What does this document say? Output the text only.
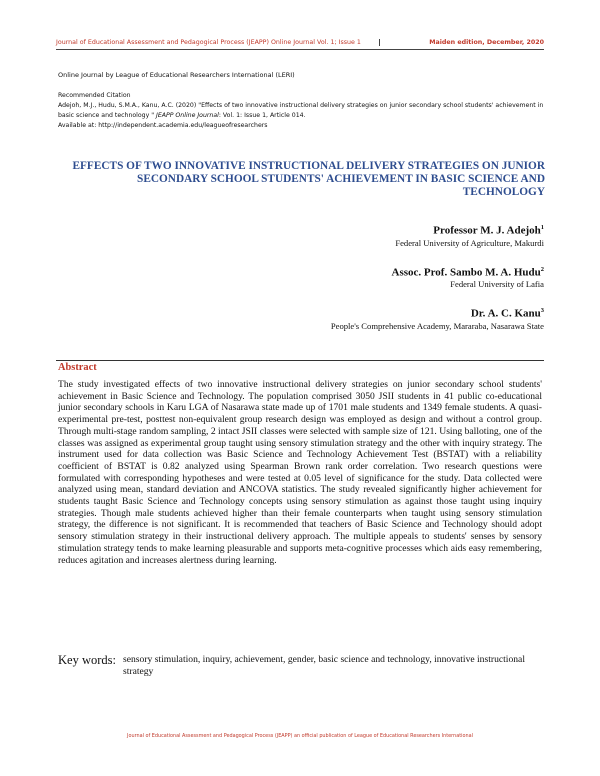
Journal of Educational Assessment and Pedagogical Process (JEAPP) Online Journal Vol. 1; Issue 1	Maiden edition, December, 2020
Online Journal by League of Educational Researchers International (LERI)
Recommended Citation
Adejoh, M.J., Hudu, S.M.A., Kanu, A.C. (2020) "Effects of two innovative instructional delivery strategies on junior secondary school students' achievement in basic science and technology " JEAPP Online Journal: Vol. 1: Issue 1, Article 014.
Available at: http://independent.academia.edu/leagueofresearchers
EFFECTS OF TWO INNOVATIVE INSTRUCTIONAL DELIVERY STRATEGIES ON JUNIOR SECONDARY SCHOOL STUDENTS' ACHIEVEMENT IN BASIC SCIENCE AND TECHNOLOGY
Professor M. J. Adejoh$^1$
Federal University of Agriculture, Makurdi
Assoc. Prof. Sambo M. A. Hudu$^2$
Federal University of Lafia
Dr. A. C. Kanu$^3$
People's Comprehensive Academy, Mararaba, Nasarawa State
Abstract
The study investigated effects of two innovative instructional delivery strategies on junior secondary school students' achievement in Basic Science and Technology. The population comprised 3050 JSII students in 41 public co-educational junior secondary schools in Karu LGA of Nasarawa state made up of 1701 male students and 1349 female students. A quasi-experimental pre-test, posttest non-equivalent group research design was employed as design and without a control group. Through multi-stage random sampling, 2 intact JSII classes were selected with sample size of 121. Using balloting, one of the classes was assigned as experimental group taught using sensory stimulation strategy and the other with inquiry strategy. The instrument used for data collection was Basic Science and Technology Achievement Test (BSTAT) with a reliability coefficient of BSTAT is 0.82 analyzed using Spearman Brown rank order correlation. Two research questions were formulated with corresponding hypotheses and were tested at 0.05 level of significance for the study. Data collected were analyzed using mean, standard deviation and ANCOVA statistics. The study revealed significantly higher achievement for students taught Basic Science and Technology concepts using sensory stimulation as against those taught using inquiry strategies. Though male students achieved higher than their female counterparts when taught using sensory stimulation strategy, the difference is not significant. It is recommended that teachers of Basic Science and Technology should adopt sensory stimulation strategy in their instructional delivery approach. The multiple appeals to students' senses by sensory stimulation strategy tends to make learning pleasurable and supports meta-cognitive processes which aids easy remembering, reduces agitation and increases alertness during learning.
Key words: sensory stimulation, inquiry, achievement, gender, basic science and technology, innovative instructional strategy
Journal of Educational Assessment and Pedagogical Process (JEAPP) an official publication of League of Educational Researchers International
